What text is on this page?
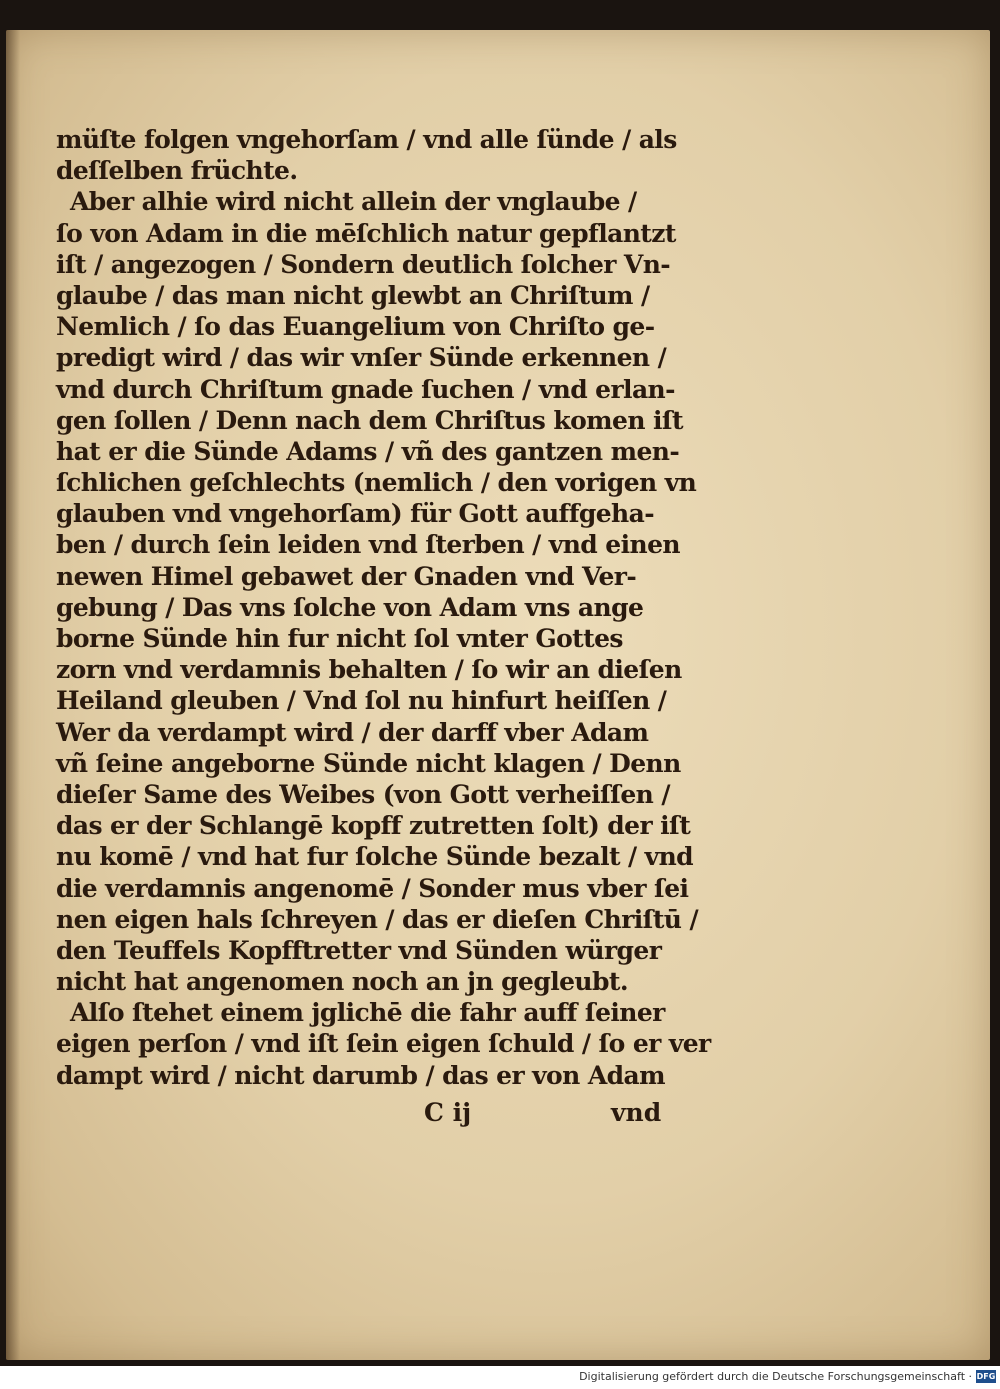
müſte folgen vngehorſam / vnd alle ſünde / als
deſſelben früchte.
Aber alhie wird nicht allein der vnglaube /
ſo von Adam in die mēſchlich natur gepflantzt
iſt / angezogen / Sondern deutlich ſolcher Vn-
glaube / das man nicht glewbt an Chriſtum /
Nemlich / ſo das Euangelium von Chriſto ge-
predigt wird / das wir vnſer Sünde erkennen /
vnd durch Chriſtum gnade ſuchen / vnd erlan-
gen ſollen / Denn nach dem Chriſtus komen iſt
hat er die Sünde Adams / vñ des gantzen men-
ſchlichen geſchlechts (nemlich / den vorigen vn
glauben vnd vngehorſam) für Gott auffgeha-
ben / durch ſein leiden vnd ſterben / vnd einen
newen Himel gebawet der Gnaden vnd Ver-
gebung / Das vns ſolche von Adam vns ange
borne Sünde hin fur nicht ſol vnter Gottes
zorn vnd verdamnis behalten / ſo wir an dieſen
Heiland gleuben / Vnd ſol nu hinfurt heiſſen /
Wer da verdampt wird / der darff vber Adam
vñ ſeine angeborne Sünde nicht klagen / Denn
dieſer Same des Weibes (von Gott verheiſſen /
das er der Schlangē kopff zutretten ſolt) der iſt
nu komē / vnd hat fur ſolche Sünde bezalt / vnd
die verdamnis angenomē / Sonder mus vber ſei
nen eigen hals ſchreyen / das er dieſen Chriſtū /
den Teuffels Kopfftretter vnd Sünden würger
nicht hat angenomen noch an jn gegleubt.
Alſo ſtehet einem jglichē die fahr auff ſeiner
eigen perſon / vnd iſt ſein eigen ſchuld / ſo er ver
dampt wird / nicht darumb / das er von Adam
C ij	vnd
Digitalisierung gefördert durch die Deutsche Forschungsgemeinschaft · DFG
